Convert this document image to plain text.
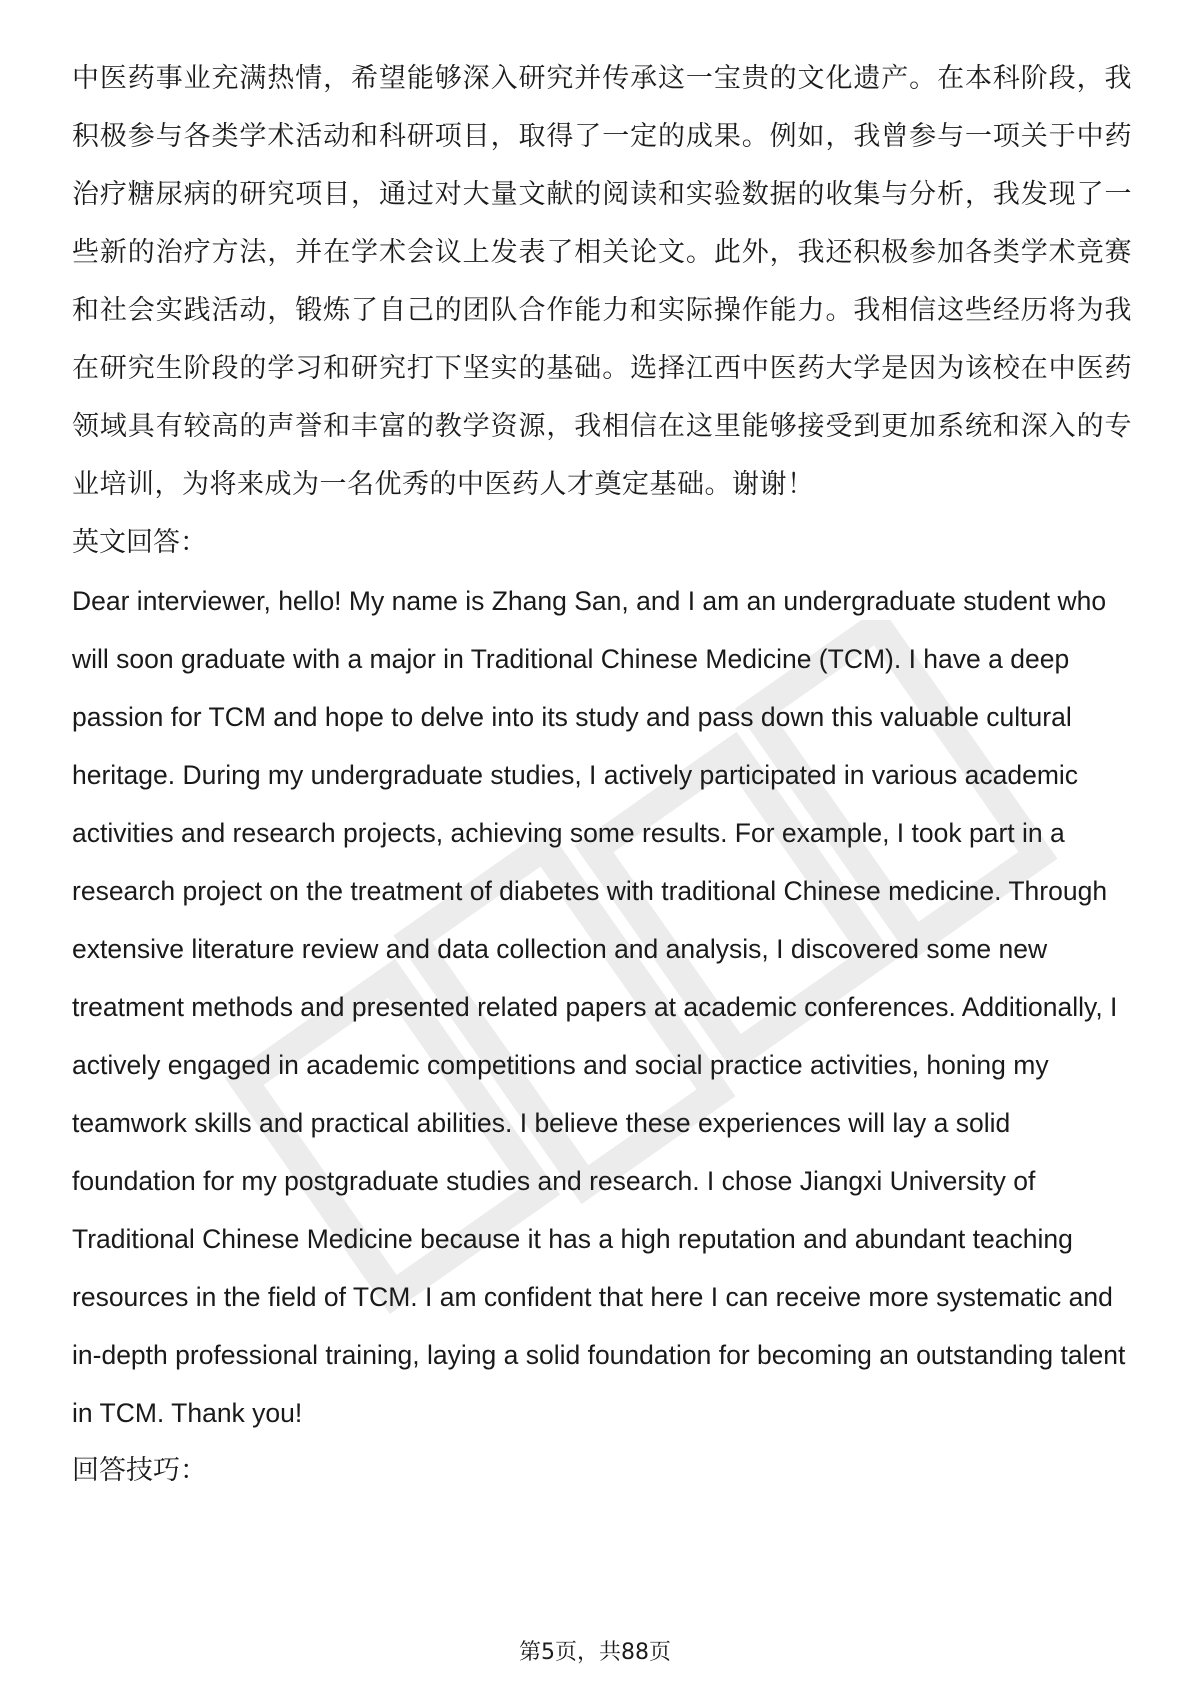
中医药事业充满热情，希望能够深入研究并传承这一宝贵的文化遗产。在本科阶段，我积极参与各类学术活动和科研项目，取得了一定的成果。例如，我曾参与一项关于中药治疗糖尿病的研究项目，通过对大量文献的阅读和实验数据的收集与分析，我发现了一些新的治疗方法，并在学术会议上发表了相关论文。此外，我还积极参加各类学术竞赛和社会实践活动，锻炼了自己的团队合作能力和实际操作能力。我相信这些经历将为我在研究生阶段的学习和研究打下坚实的基础。选择江西中医药大学是因为该校在中医药领域具有较高的声誉和丰富的教学资源，我相信在这里能够接受到更加系统和深入的专业培训，为将来成为一名优秀的中医药人才奠定基础。谢谢！

英文回答：

Dear interviewer, hello! My name is Zhang San, and I am an undergraduate student who will soon graduate with a major in Traditional Chinese Medicine (TCM). I have a deep passion for TCM and hope to delve into its study and pass down this valuable cultural heritage. During my undergraduate studies, I actively participated in various academic activities and research projects, achieving some results. For example, I took part in a research project on the treatment of diabetes with traditional Chinese medicine. Through extensive literature review and data collection and analysis, I discovered some new treatment methods and presented related papers at academic conferences. Additionally, I actively engaged in academic competitions and social practice activities, honing my teamwork skills and practical abilities. I believe these experiences will lay a solid foundation for my postgraduate studies and research. I chose Jiangxi University of Traditional Chinese Medicine because it has a high reputation and abundant teaching resources in the field of TCM. I am confident that here I can receive more systematic and in-depth professional training, laying a solid foundation for becoming an outstanding talent in TCM. Thank you!

回答技巧：
第5页，共88页
